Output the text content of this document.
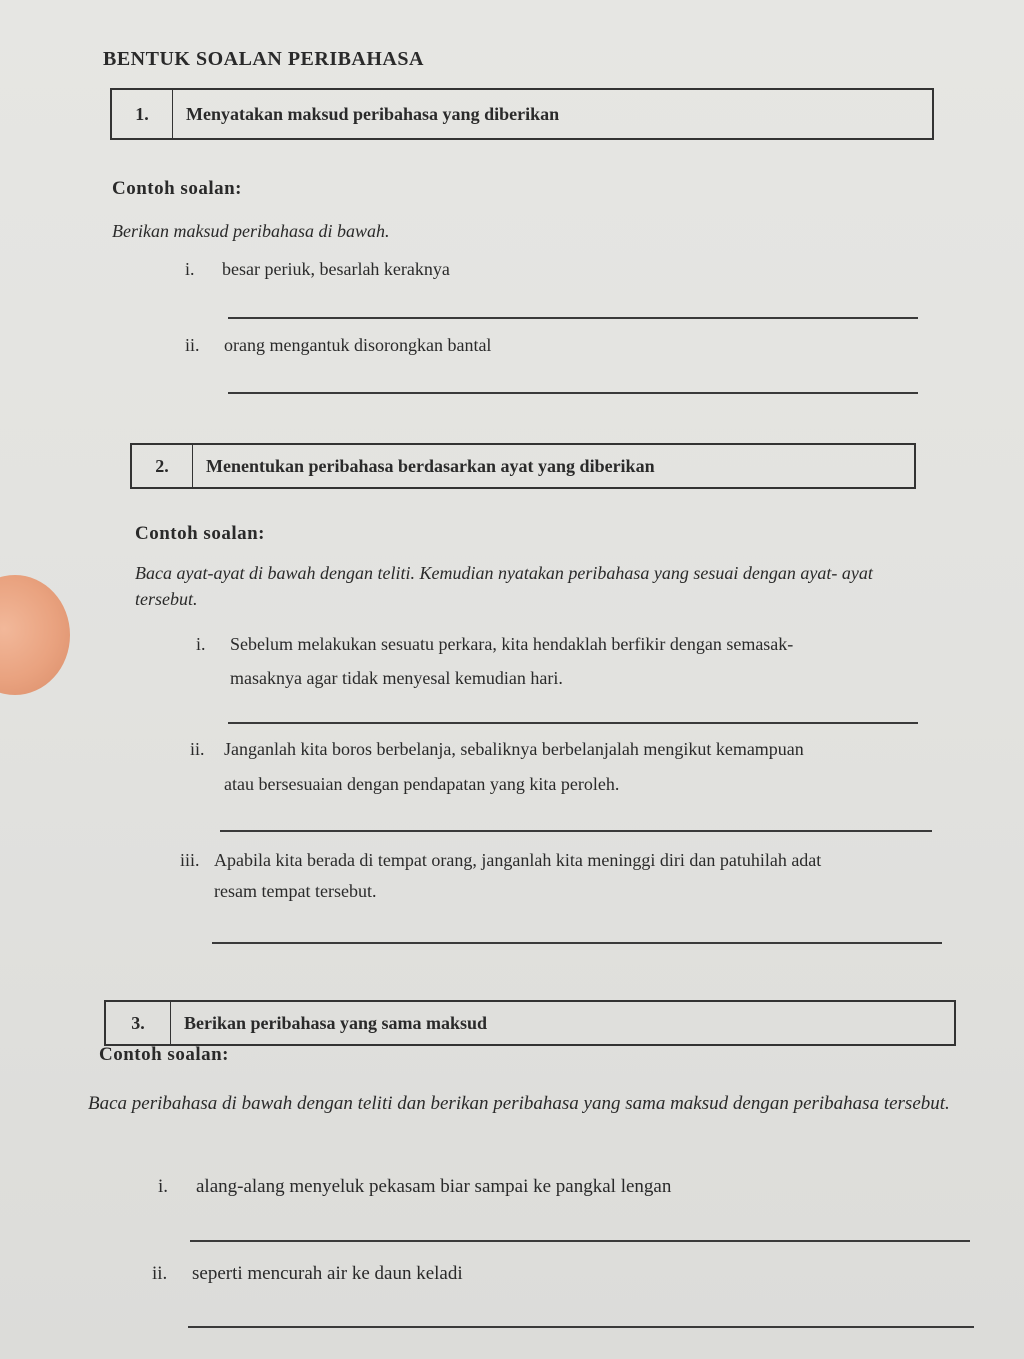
BENTUK SOALAN PERIBAHASA
1.	Menyatakan maksud peribahasa yang diberikan
Contoh soalan:
Berikan maksud peribahasa di bawah.
i. besar periuk, besarlah keraknya
ii. orang mengantuk disorongkan bantal
2.	Menentukan peribahasa berdasarkan ayat yang diberikan
Contoh soalan:
Baca ayat-ayat di bawah dengan teliti. Kemudian nyatakan peribahasa yang sesuai dengan ayat- ayat tersebut.
i. Sebelum melakukan sesuatu perkara, kita hendaklah berfikir dengan semasak-
masaknya agar tidak menyesal kemudian hari.
ii. Janganlah kita boros berbelanja, sebaliknya berbelanjalah mengikut kemampuan
atau bersesuaian dengan pendapatan yang kita peroleh.
iii. Apabila kita berada di tempat orang, janganlah kita meninggi diri dan patuhilah adat
resam tempat tersebut.
3.	Berikan peribahasa yang sama maksud
Contoh soalan:
Baca peribahasa di bawah dengan teliti dan berikan peribahasa yang sama maksud dengan peribahasa tersebut.
i. alang-alang menyeluk pekasam biar sampai ke pangkal lengan
ii. seperti mencurah air ke daun keladi
